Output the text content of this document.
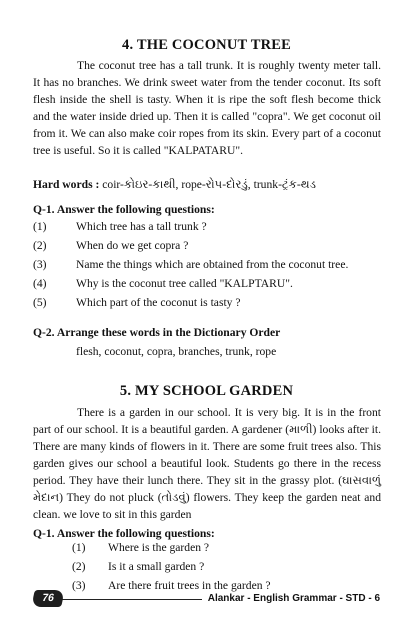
4. THE COCONUT TREE

The coconut tree has a tall trunk. It is roughly twenty meter tall. It has no branches. We drink sweet water from the tender coconut. Its soft flesh inside the shell is tasty. When it is ripe the soft flesh become thick and the water inside dried up. Then it is called "copra". We get coconut oil from it. We can also make coir ropes from its skin. Every part of a coconut tree is useful. So it is called "KALPATARU".

Hard words : coir-કોઇર-કાથી, rope-રોપ-દોરડું, trunk-ટ્રંક-થડ
Q-1. Answer the following questions:
(1)	Which tree has a tall trunk ?
(2)	When do we get copra ?
(3)	Name the things which are obtained from the coconut tree.
(4)	Why is the coconut tree called "KALPTARU".
(5)	Which part of the coconut is tasty ?
Q-2. Arrange these words in the Dictionary Order
flesh, coconut, copra, branches, trunk, rope
5. MY SCHOOL GARDEN

There is a garden in our school. It is very big. It is in the front part of our school. It is a beautiful garden. A gardener (માળી) looks after it. There are many kinds of flowers in it. There are some fruit trees also. This garden gives our school a beautiful look. Students go there in the recess period. They have their lunch there. They sit in the grassy plot. (ઘાસવાળું મેદાન) They do not pluck (તોડવું) flowers. They keep the garden neat and clean. we love to sit in this garden

Q-1. Answer the following questions:
(1)	Where is the garden ?
(2)	Is it a small garden ?
(3)	Are there fruit trees in the garden ?
76	Alankar - English Grammar - STD - 6
